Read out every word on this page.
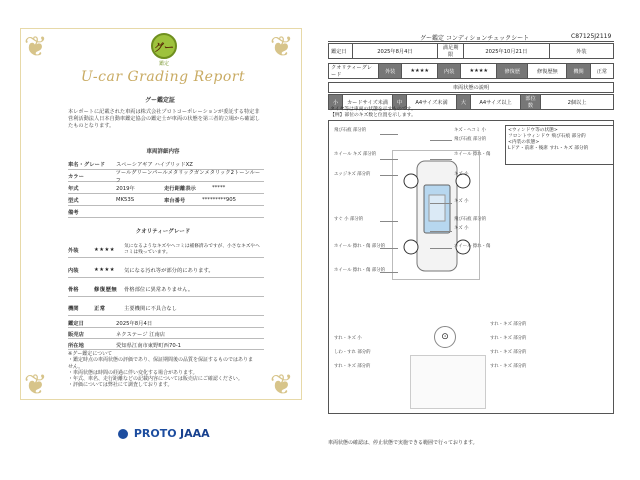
❦	❦
❦	❦
グー
鑑定
U-car Grading Report
グー鑑定証
本レポートに記載された車両は株式会社プロトコーポレーションが委託する特定非営利活動法人日本自動車鑑定協会の鑑定士が車両の状態を第三者的立場から確認したものとなります。
車両詳細内容
車名・グレード	スペーシアギア ハイブリッドXZ
カラー
ツールグリーンパールメタリックガンメタリック2トーンルーフ
年式	2019年	走行距離表示	*****
型式	MK53S	車台番号	*********905
備考
クオリティーグレード
外装	★★★★	気になるようなキズやヘコミは補修済みですが、小さなキズやヘコミは残っています。
内装	★★★★	気になる汚れ等が部分的にあります。
骨格	修復歴無	骨格部位に異常ありません。
機関	正常	主要機関に不具合なし
鑑定日	2025年8月4日
販売店	ネクステージ 江南店
所在地	愛知県江南市東野町西70-1
※グー鑑定について
・鑑定時点の車両状態の評価であり、保証期間後の品質を保証するものではありません。
・車両状態は時間の経過に伴い変化する場合があります。
・年式、車名、走行距離などの記載内容については販売店にご確認ください。
・評価については弊社にて調査しております。
PROTO JAAA
C87125J2119
グー鑑定 コンディションチェックシート
鑑定日	2025年8月4日	満足期限	2025年10月21日	外装
クオリティーグレード	外装	★★★★	内装	★★★★	修復歴	修復歴無	機関	正常
車両状態の説明
小	カードサイズ未満	中	A4サイズ未満	大	A4サイズ以上	部位数	2個以上
タイヤ等は車両の状態を示すものです。
【例】部位のキズ数と位置を示します。
⊙
飛び石痕 部分的	キズ・ヘコミ 小
飛び石痕 部分的
ホイール キズ 部分的	ホイール 擦れ・傷
エッジキズ 部分的	キズ 小
キズ 小
すぐ 小 部分的	飛び石痕 部分的
キズ 小
ホイール 擦れ・傷 部分的	ホイール 擦れ・傷
ホイール 擦れ・傷 部分的
すれ・キズ 部分的
すれ・キズ 小	すれ・キズ 部分的
しわ・すれ 部分的	すれ・キズ 部分的
すれ・キズ 部分的	すれ・キズ 部分的
<ウィンドウ等の状態>
フロントウィンドウ 飛び石痕 部分的
<内装の状態>
Lドア・前席・後席 すれ・キズ 部分的
車両状態の確認は、停止状態で実施できる範囲で行っております。
